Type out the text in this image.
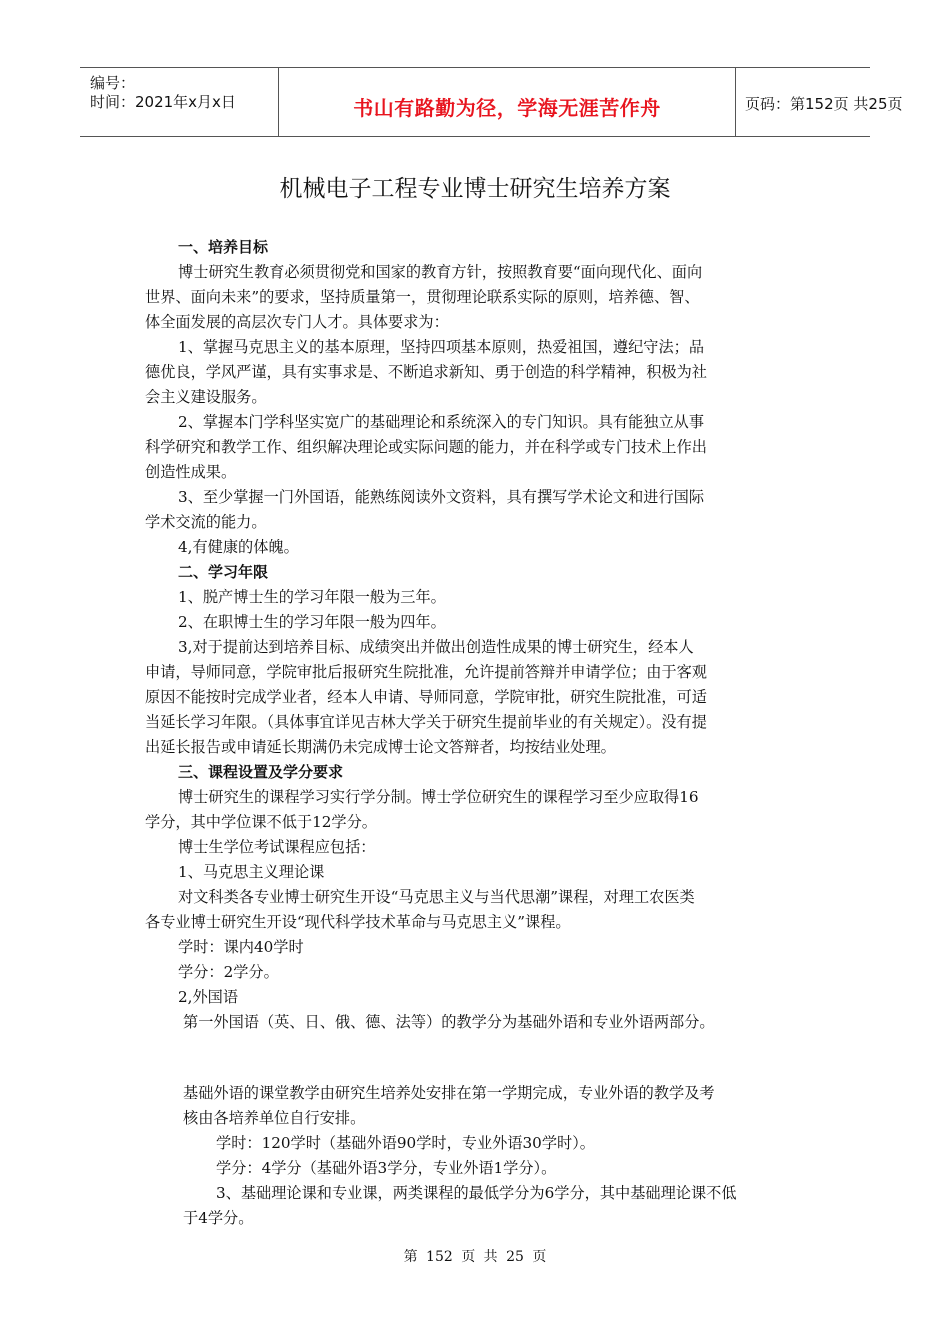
编号：
时间：2021年x月x日	书山有路勤为径，学海无涯苦作舟	页码：第152页 共25页
机械电子工程专业博士研究生培养方案
一、培养目标
博士研究生教育必须贯彻党和国家的教育方针，按照教育要“面向现代化、面向
世界、面向未来”的要求，坚持质量第一，贯彻理论联系实际的原则，培养德、智、
体全面发展的高层次专门人才。具体要求为：
1、掌握马克思主义的基本原理，坚持四项基本原则，热爱祖国，遵纪守法；品
德优良，学风严谨，具有实事求是、不断追求新知、勇于创造的科学精神，积极为社
会主义建设服务。
2、掌握本门学科坚实宽广的基础理论和系统深入的专门知识。具有能独立从事
科学研究和教学工作、组织解决理论或实际问题的能力，并在科学或专门技术上作出
创造性成果。
3、至少掌握一门外国语，能熟练阅读外文资料，具有撰写学术论文和进行国际
学术交流的能力。
4,有健康的体魄。
二、学习年限
1、脱产博士生的学习年限一般为三年。
2、在职博士生的学习年限一般为四年。
3,对于提前达到培养目标、成绩突出并做出创造性成果的博士研究生，经本人
申请，导师同意，学院审批后报研究生院批准，允许提前答辩并申请学位；由于客观
原因不能按时完成学业者，经本人申请、导师同意，学院审批，研究生院批准，可适
当延长学习年限。（具体事宜详见吉林大学关于研究生提前毕业的有关规定）。没有提
出延长报告或申请延长期满仍未完成博士论文答辩者，均按结业处理。
三、课程设置及学分要求
博士研究生的课程学习实行学分制。博士学位研究生的课程学习至少应取得16
学分，其中学位课不低于12学分。
博士生学位考试课程应包括：
1、马克思主义理论课
对文科类各专业博士研究生开设“马克思主义与当代思潮”课程，对理工农医类
各专业博士研究生开设“现代科学技术革命与马克思主义”课程。
学时：课内40学时
学分：2学分。
2,外国语
第一外国语（英、日、俄、德、法等）的教学分为基础外语和专业外语两部分。
基础外语的课堂教学由研究生培养处安排在第一学期完成，专业外语的教学及考
核由各培养单位自行安排。
学时：120学时（基础外语90学时，专业外语30学时）。
学分：4学分（基础外语3学分，专业外语1学分）。
3、基础理论课和专业课，两类课程的最低学分为6学分，其中基础理论课不低
于4学分。
第 152 页 共 25 页
